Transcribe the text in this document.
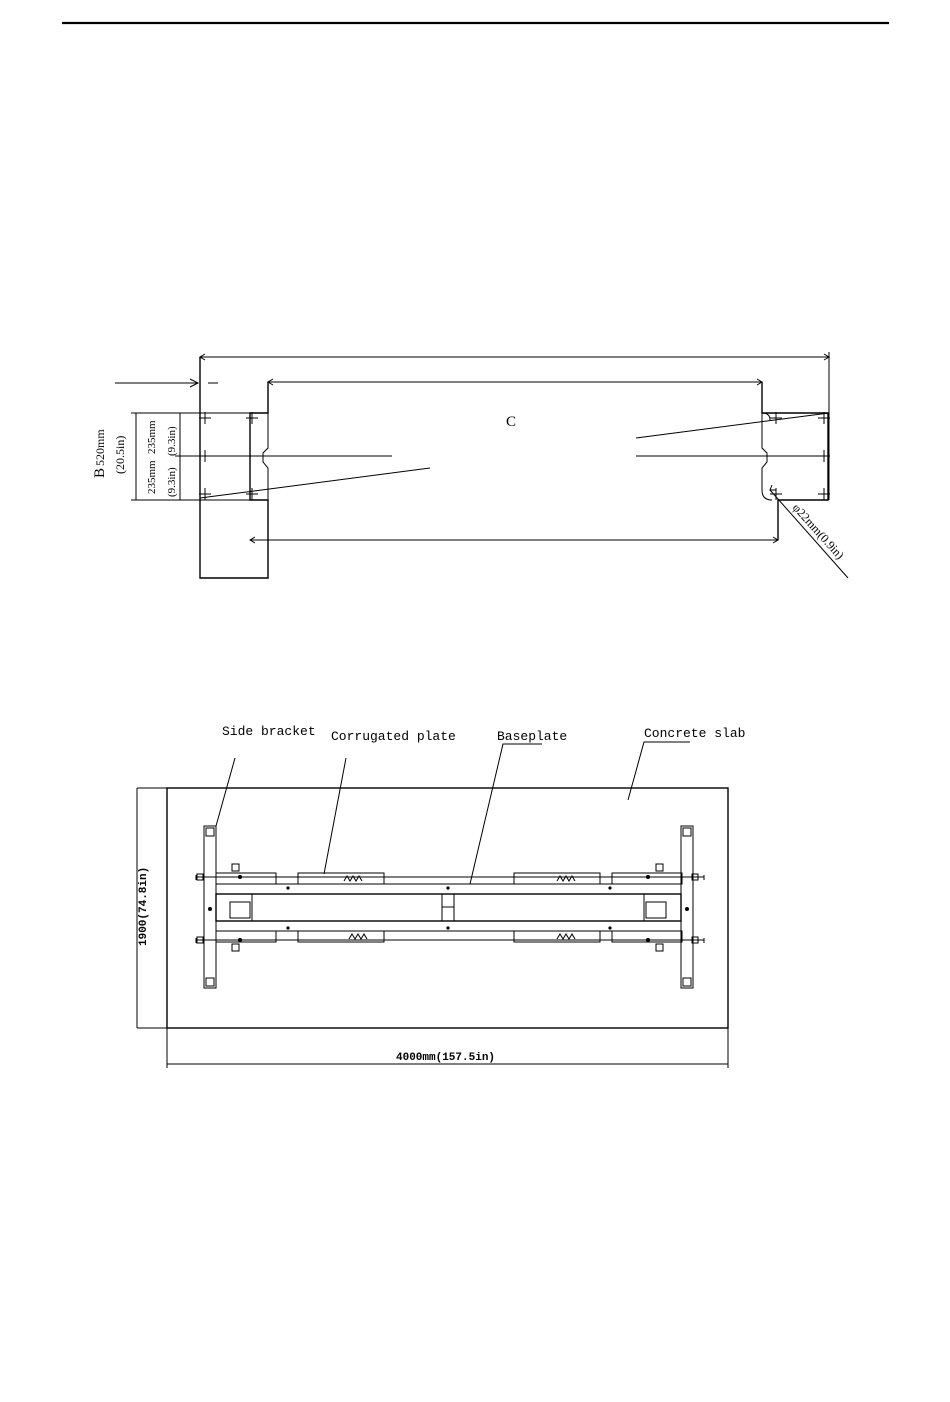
B
520mm (20.5in)
235mm
235mm
(9.3in)
(9.3in)
C
φ22mm(0.9in)
Side bracket Corrugated plate	Baseplate	Concrete slab
1900(74.8in)
4000mm(157.5in)
